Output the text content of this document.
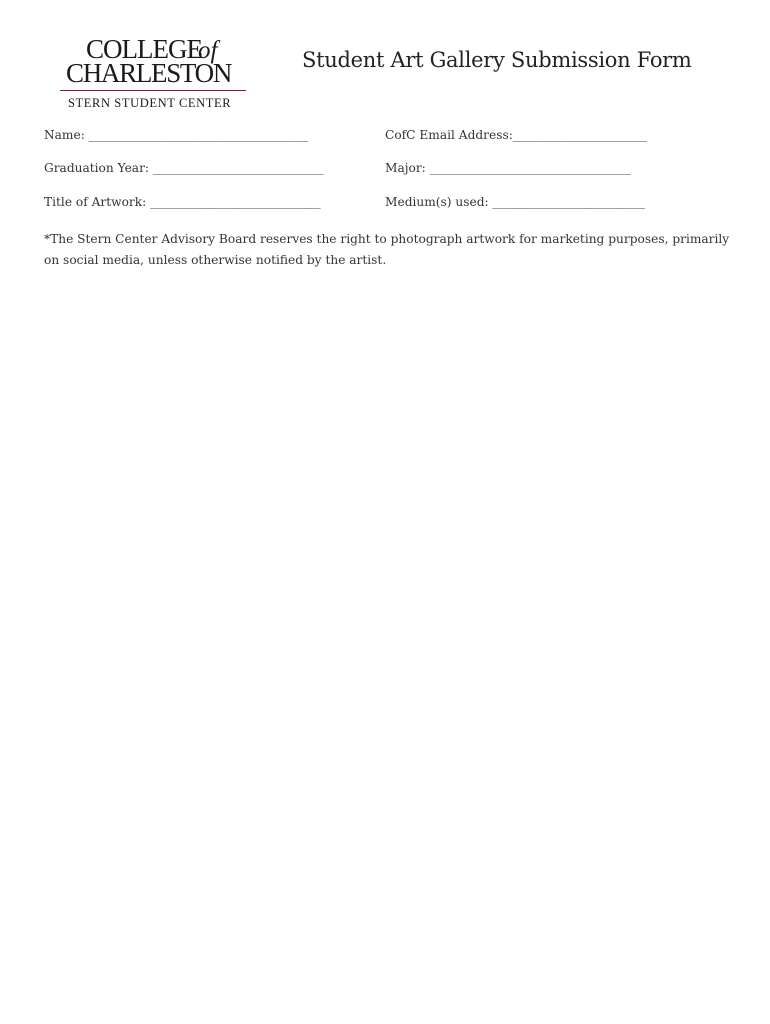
COLLEGE
of
CHARLESTON
STERN STUDENT CENTER
Student Art Gallery Submission Form
Name: ____________________________________	CofC Email Address:______________________
Graduation Year: ____________________________	Major: _________________________________
Title of Artwork: ____________________________	Medium(s) used: _________________________

*The Stern Center Advisory Board reserves the right to photograph artwork for marketing purposes, primarily on social media, unless otherwise notified by the artist.
